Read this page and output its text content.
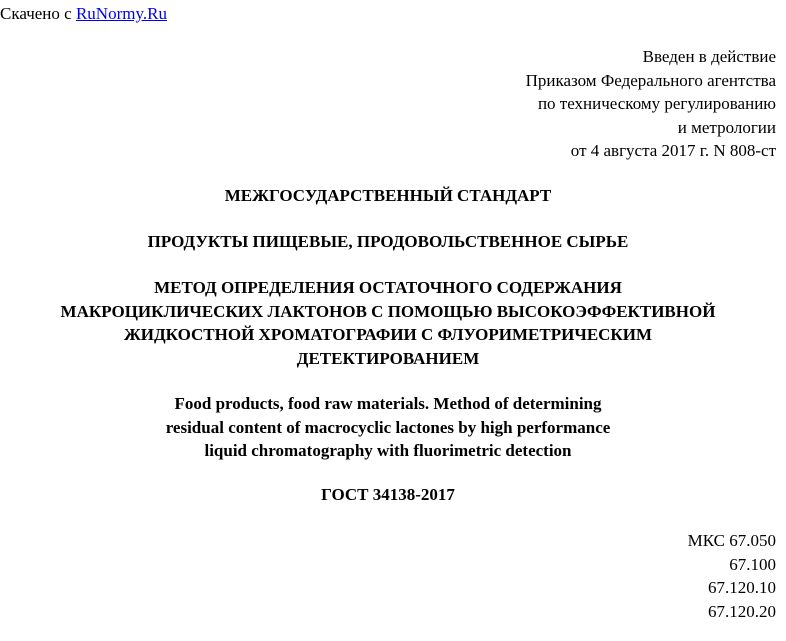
Скачено с RuNormy.Ru
Введен в действие
Приказом Федерального агентства
по техническому регулированию
и метрологии
от 4 августа 2017 г. N 808-ст
МЕЖГОСУДАРСТВЕННЫЙ СТАНДАРТ
ПРОДУКТЫ ПИЩЕВЫЕ, ПРОДОВОЛЬСТВЕННОЕ СЫРЬЕ
МЕТОД ОПРЕДЕЛЕНИЯ ОСТАТОЧНОГО СОДЕРЖАНИЯ
МАКРОЦИКЛИЧЕСКИХ ЛАКТОНОВ С ПОМОЩЬЮ ВЫСОКОЭФФЕКТИВНОЙ
ЖИДКОСТНОЙ ХРОМАТОГРАФИИ С ФЛУОРИМЕТРИЧЕСКИМ
ДЕТЕКТИРОВАНИЕМ
Food products, food raw materials. Method of determining
residual content of macrocyclic lactones by high performance
liquid chromatography with fluorimetric detection
ГОСТ 34138-2017
МКС 67.050
67.100
67.120.10
67.120.20
